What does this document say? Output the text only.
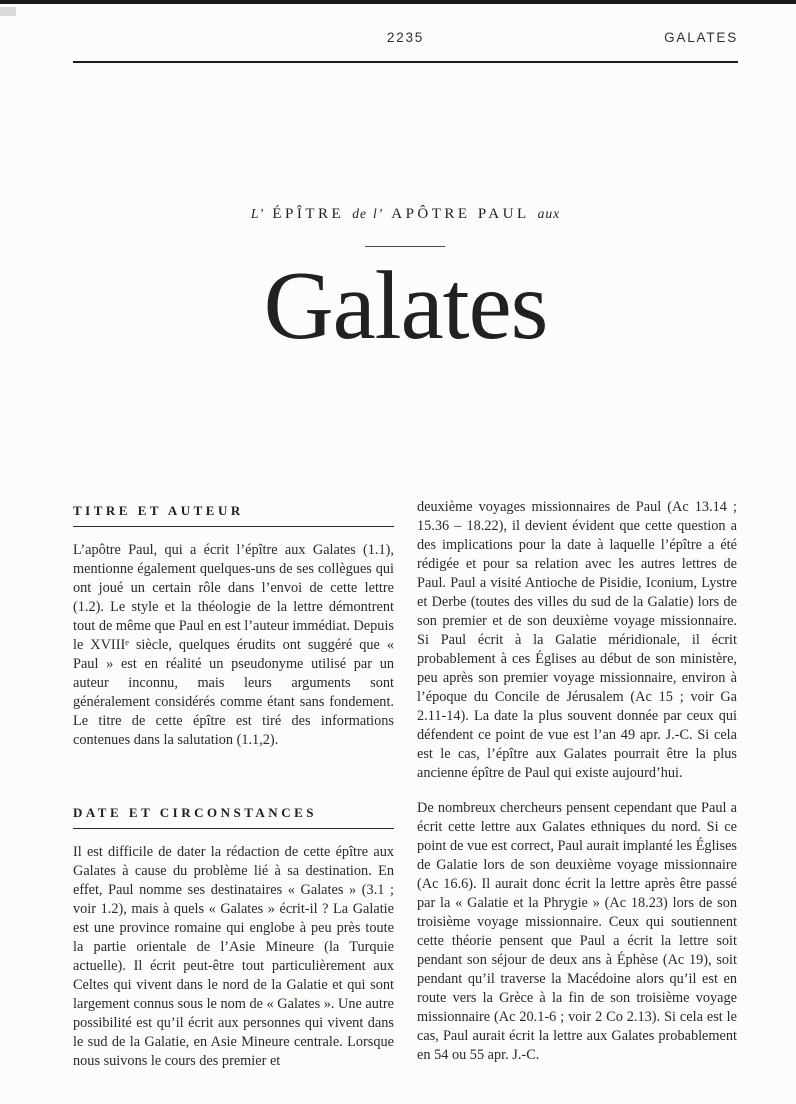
2235	GALATES
L’ ÉPÎTRE de l’ APÔTRE PAUL aux
Galates
TITRE ET AUTEUR

L’apôtre Paul, qui a écrit l’épître aux Galates (1.1), mentionne également quelques-uns de ses collègues qui ont joué un certain rôle dans l’envoi de cette lettre (1.2). Le style et la théologie de la lettre démontrent tout de même que Paul en est l’auteur immédiat. Depuis le XVIIIᵉ siècle, quelques érudits ont suggéré que « Paul » est en réalité un pseudonyme utilisé par un auteur inconnu, mais leurs arguments sont généralement considérés comme étant sans fondement. Le titre de cette épître est tiré des informations contenues dans la salutation (1.1,2).

DATE ET CIRCONSTANCES

Il est difficile de dater la rédaction de cette épître aux Galates à cause du problème lié à sa destination. En effet, Paul nomme ses destinataires « Galates » (3.1 ; voir 1.2), mais à quels « Galates » écrit-il ? La Galatie est une province romaine qui englobe à peu près toute la partie orientale de l’Asie Mineure (la Turquie actuelle). Il écrit peut-être tout particulièrement aux Celtes qui vivent dans le nord de la Galatie et qui sont largement connus sous le nom de « Galates ». Une autre possibilité est qu’il écrit aux personnes qui vivent dans le sud de la Galatie, en Asie Mineure centrale. Lorsque nous suivons le cours des premier et

deuxième voyages missionnaires de Paul (Ac 13.14 ; 15.36 – 18.22), il devient évident que cette question a des implications pour la date à laquelle l’épître a été rédigée et pour sa relation avec les autres lettres de Paul. Paul a visité Antioche de Pisidie, Iconium, Lystre et Derbe (toutes des villes du sud de la Galatie) lors de son premier et de son deuxième voyage missionnaire. Si Paul écrit à la Galatie méridionale, il écrit probablement à ces Églises au début de son ministère, peu après son premier voyage missionnaire, environ à l’époque du Concile de Jérusalem (Ac 15 ; voir Ga 2.11-14). La date la plus souvent donnée par ceux qui défendent ce point de vue est l’an 49 apr. J.-C. Si cela est le cas, l’épître aux Galates pourrait être la plus ancienne épître de Paul qui existe aujourd’hui.

De nombreux chercheurs pensent cependant que Paul a écrit cette lettre aux Galates ethniques du nord. Si ce point de vue est correct, Paul aurait implanté les Églises de Galatie lors de son deuxième voyage missionnaire (Ac 16.6). Il aurait donc écrit la lettre après être passé par la « Galatie et la Phrygie » (Ac 18.23) lors de son troisième voyage missionnaire. Ceux qui soutiennent cette théorie pensent que Paul a écrit la lettre soit pendant son séjour de deux ans à Éphèse (Ac 19), soit pendant qu’il traverse la Macédoine alors qu’il est en route vers la Grèce à la fin de son troisième voyage missionnaire (Ac 20.1-6 ; voir 2 Co 2.13). Si cela est le cas, Paul aurait écrit la lettre aux Galates probablement en 54 ou 55 apr. J.-C.
